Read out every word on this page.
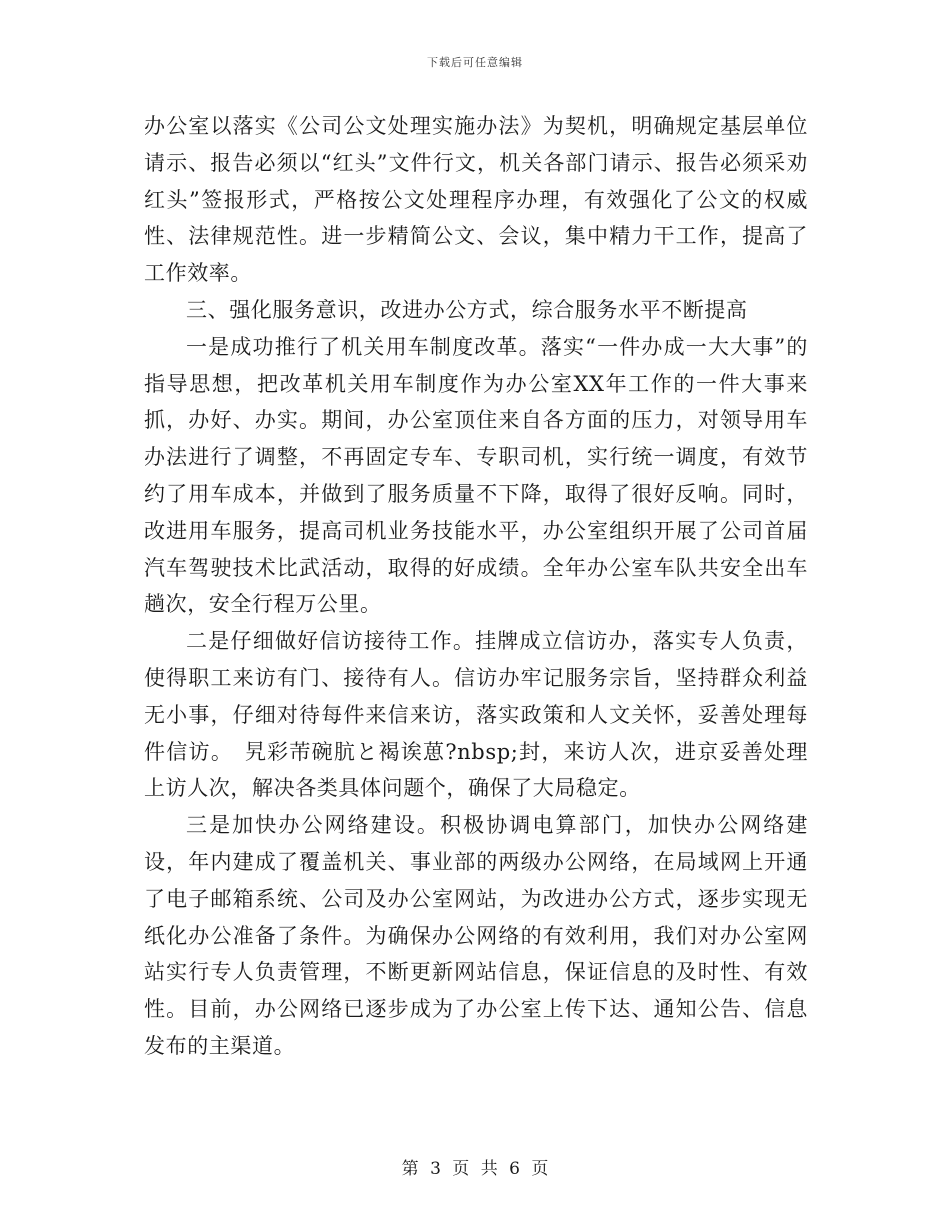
下载后可任意编辑

办公室以落实《公司公文处理实施办法》为契机，明确规定基层单位请示、报告必须以“红头”文件行文，机关各部门请示、报告必须采劝红头”签报形式，严格按公文处理程序办理，有效强化了公文的权威性、法律规范性。进一步精简公文、会议，集中精力干工作，提高了工作效率。

三、强化服务意识，改进办公方式，综合服务水平不断提高

一是成功推行了机关用车制度改革。落实“一件办成一大大事”的指导思想，把改革机关用车制度作为办公室XX年工作的一件大事来抓，办好、办实。期间，办公室顶住来自各方面的压力，对领导用车办法进行了调整，不再固定专车、专职司机，实行统一调度，有效节约了用车成本，并做到了服务质量不下降，取得了很好反响。同时，改进用车服务，提高司机业务技能水平，办公室组织开展了公司首届汽车驾驶技术比武活动，取得的好成绩。全年办公室车队共安全出车趟次，安全行程万公里。

二是仔细做好信访接待工作。挂牌成立信访办，落实专人负责，使得职工来访有门、接待有人。信访办牢记服务宗旨，坚持群众利益无小事，仔细对待每件来信来访，落实政策和人文关怀，妥善处理每件信访。　旯彩芾碗肮と褐诶葸?nbsp;封，来访人次，进京妥善处理上访人次，解决各类具体问题个，确保了大局稳定。

三是加快办公网络建设。积极协调电算部门，加快办公网络建设，年内建成了覆盖机关、事业部的两级办公网络，在局域网上开通了电子邮箱系统、公司及办公室网站，为改进办公方式，逐步实现无纸化办公准备了条件。为确保办公网络的有效利用，我们对办公室网站实行专人负责管理，不断更新网站信息，保证信息的及时性、有效性。目前，办公网络已逐步成为了办公室上传下达、通知公告、信息发布的主渠道。

第 3 页 共 6 页
